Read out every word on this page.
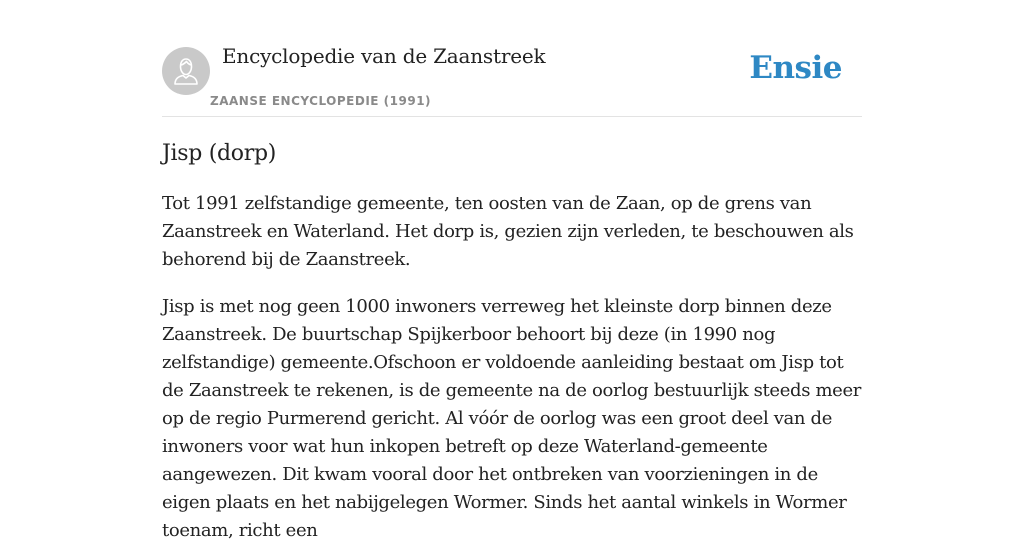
Encyclopedie van de Zaanstreek
ZAANSE ENCYCLOPEDIE (1991)
Ensie
Jisp (dorp)

Tot 1991 zelfstandige gemeente, ten oosten van de Zaan, op de grens van Zaanstreek en Waterland. Het dorp is, gezien zijn verleden, te beschouwen als behorend bij de Zaanstreek.

Jisp is met nog geen 1000 inwoners verreweg het kleinste dorp binnen deze Zaanstreek. De buurtschap Spijkerboor behoort bij deze (in 1990 nog zelfstandige) gemeente.Ofschoon er voldoende aanleiding bestaat om Jisp tot de Zaanstreek te rekenen, is de gemeente na de oorlog bestuurlijk steeds meer op de regio Purmerend gericht. Al vóór de oorlog was een groot deel van de inwoners voor wat hun inkopen betreft op deze Waterland-gemeente aangewezen. Dit kwam vooral door het ontbreken van voorzieningen in de eigen plaats en het nabijgelegen Wormer. Sinds het aantal winkels in Wormer toenam, richt een
